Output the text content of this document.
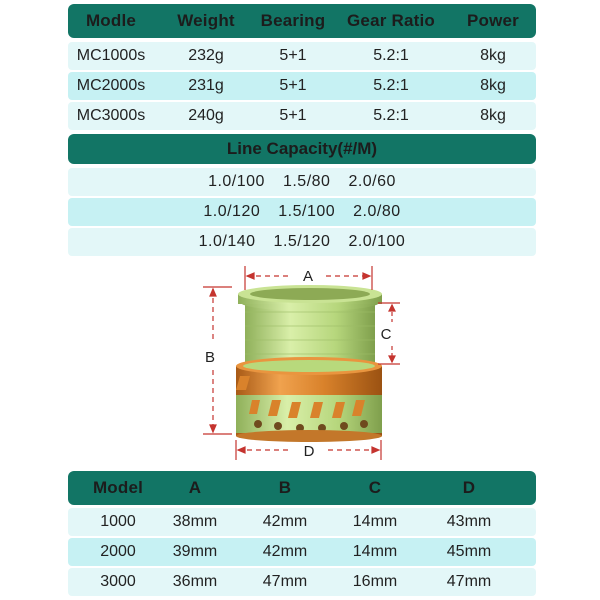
Modle	Weight	Bearing	Gear Ratio	Power
MC1000s	232g	5+1	5.2:1	8kg
MC2000s	231g	5+1	5.2:1	8kg
MC3000s	240g	5+1	5.2:1	8kg
Line Capacity(#/M)
1.0/100 1.5/80 2.0/60
1.0/120 1.5/100 2.0/80
1.0/140 1.5/120 2.0/100
A
B
C
D
Model	A	B	C	D
1000	38mm	42mm	14mm	43mm
2000	39mm	42mm	14mm	45mm
3000	36mm	47mm	16mm	47mm
